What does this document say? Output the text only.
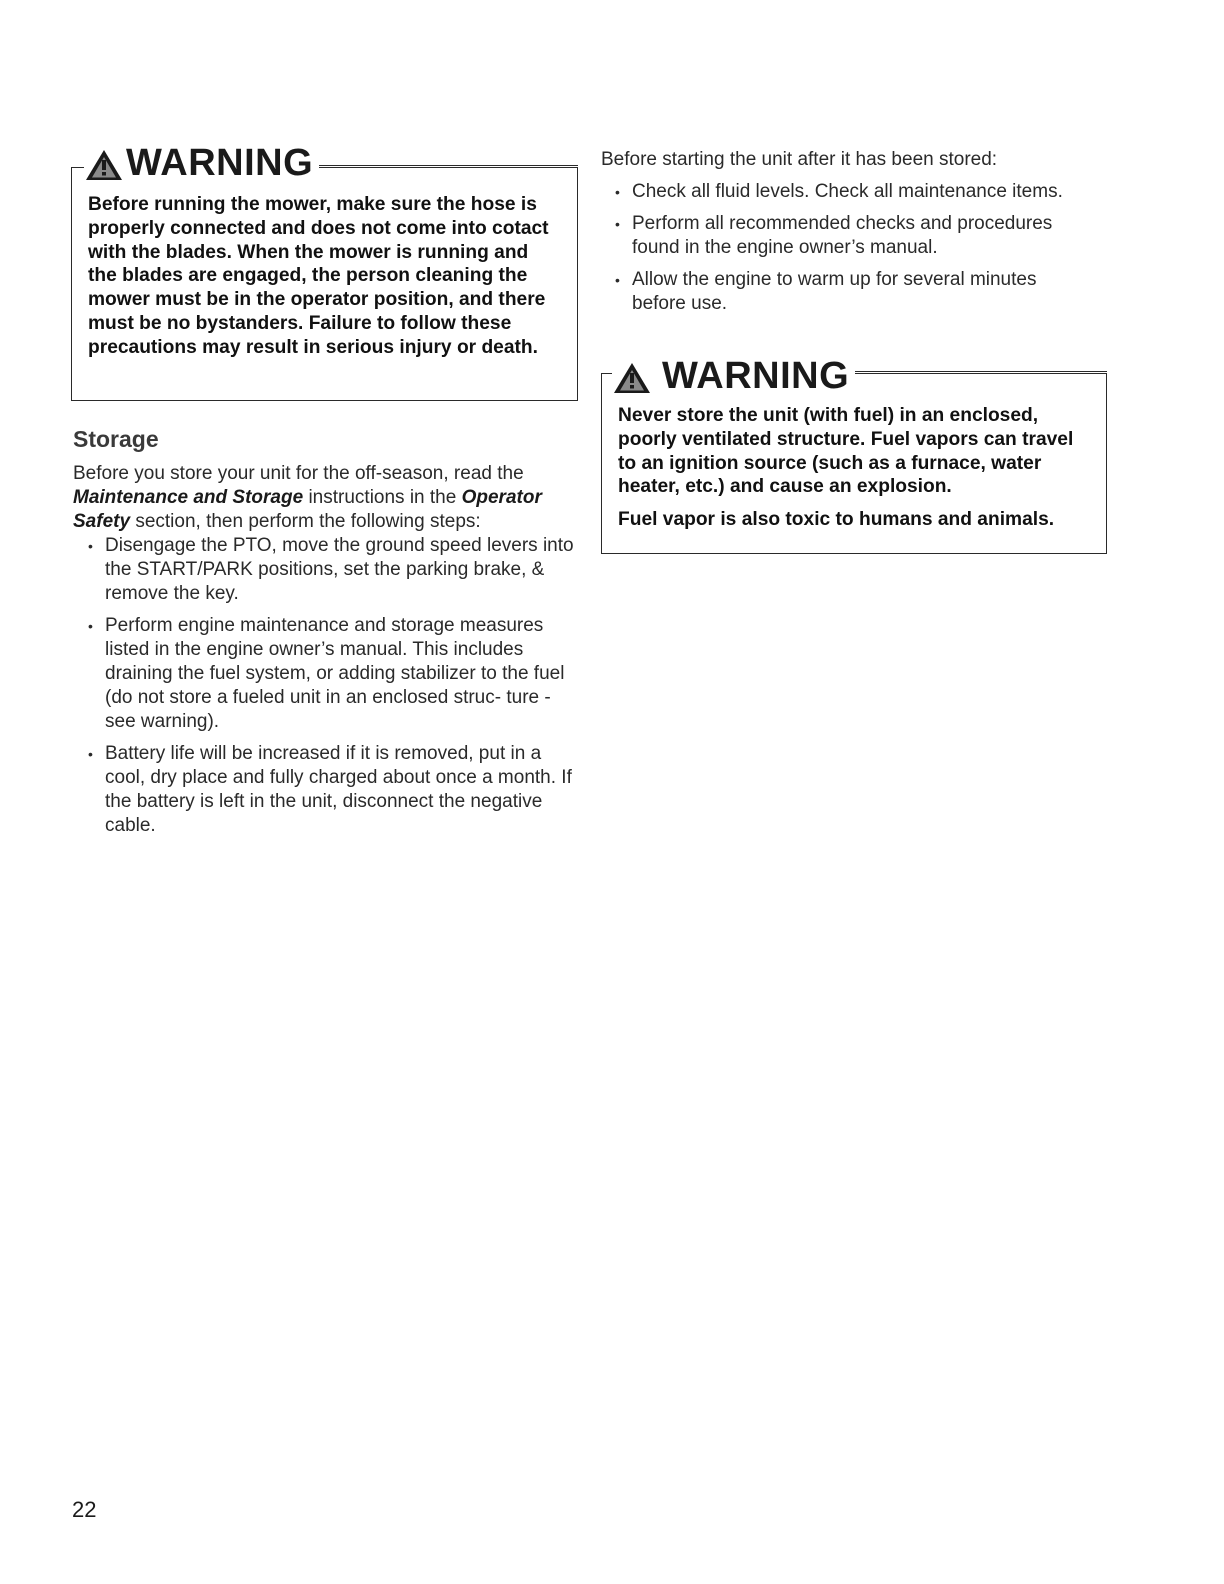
WARNING

Before running the mower, make sure the hose is properly connected and does not come into cotact with the blades. When the mower is running and the blades are engaged, the person cleaning the mower must be in the operator position, and there must be no bystanders. Failure to follow these precautions may result in serious injury or death.

Storage

Before you store your unit for the off-season, read the Maintenance and Storage instructions in the Operator Safety section, then perform the following steps:

• Disengage the PTO, move the ground speed levers into the START/PARK positions, set the parking brake, & remove the key.
• Perform engine maintenance and storage measures listed in the engine owner’s manual. This includes draining the fuel system, or adding stabilizer to the fuel (do not store a fueled unit in an enclosed struc- ture - see warning).
• Battery life will be increased if it is removed, put in a cool, dry place and fully charged about once a month. If the battery is left in the unit, disconnect the negative cable.

Before starting the unit after it has been stored:

• Check all fluid levels. Check all maintenance items.
• Perform all recommended checks and procedures found in the engine owner’s manual.
• Allow the engine to warm up for several minutes before use.
WARNING

Never store the unit (with fuel) in an enclosed, poorly ventilated structure. Fuel vapors can travel to an ignition source (such as a furnace, water heater, etc.) and cause an explosion.

Fuel vapor is also toxic to humans and animals.

22
